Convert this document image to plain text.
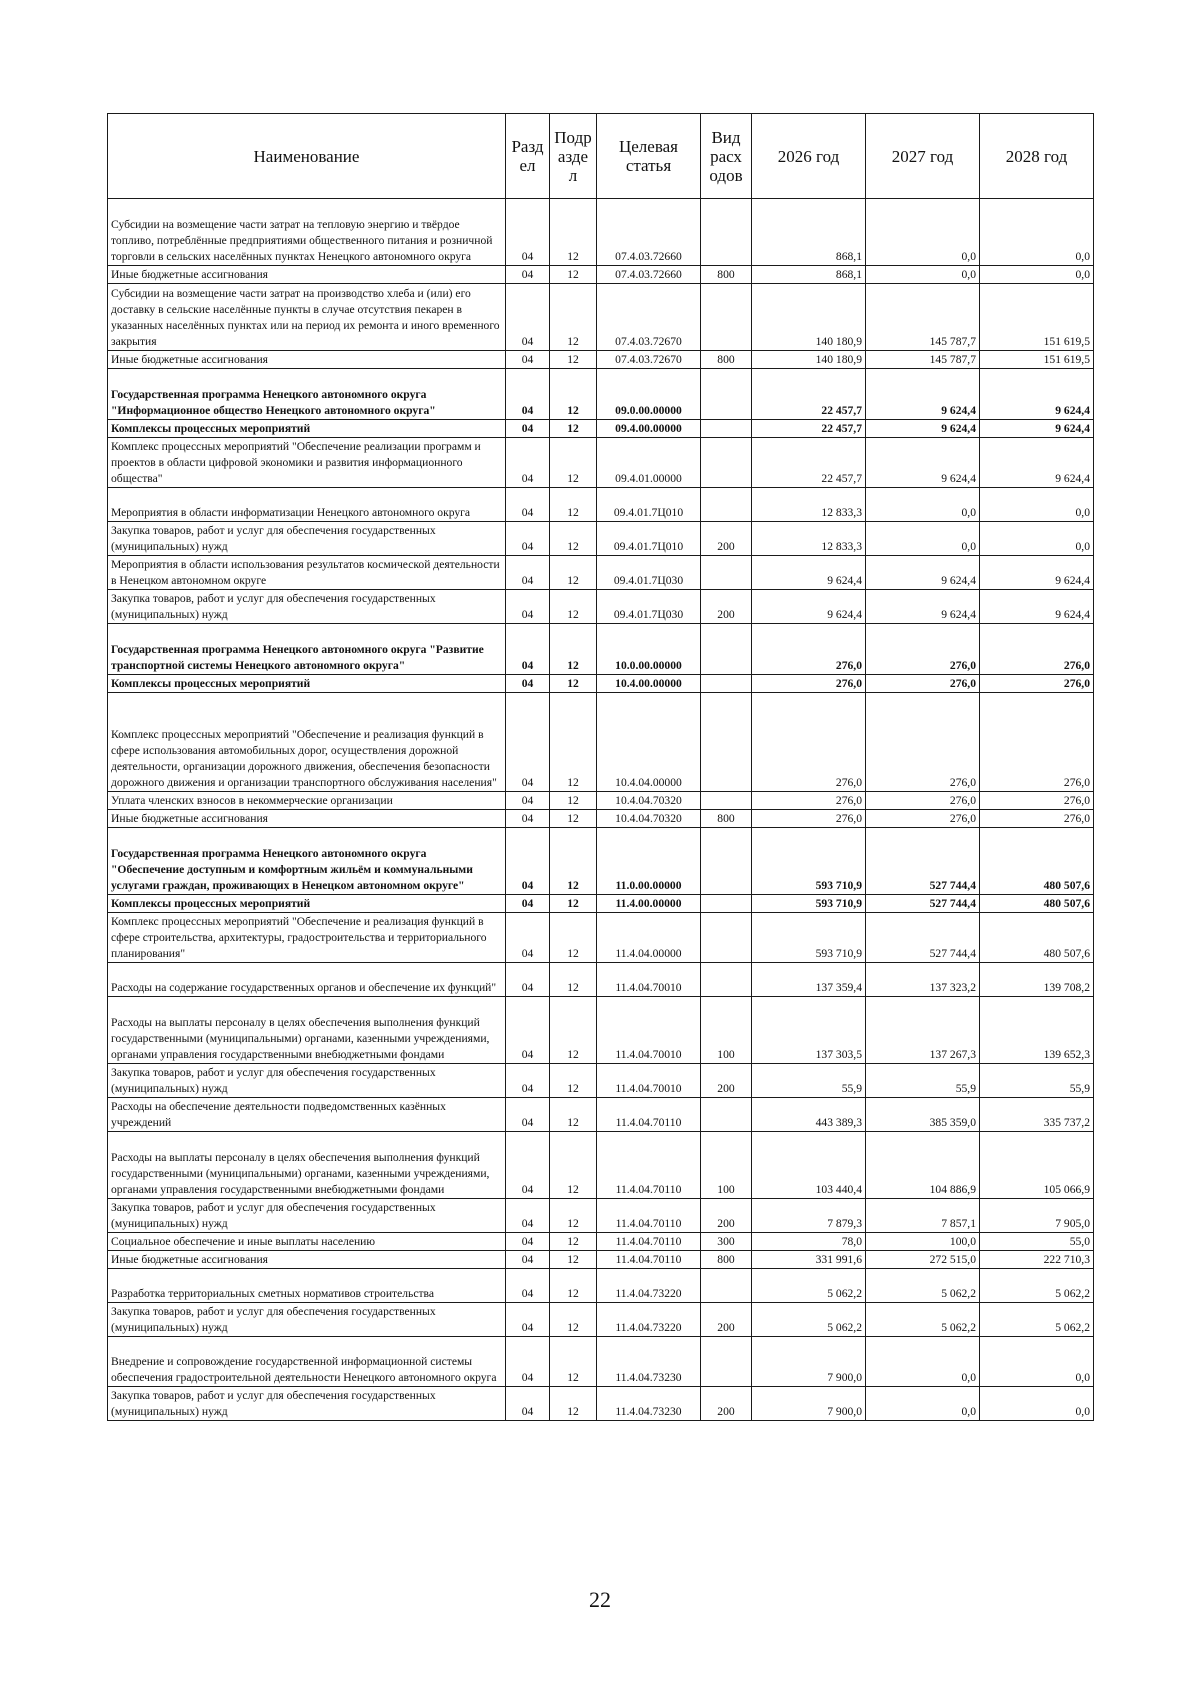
Наименование	Разд ел	Подр азде л	Целевая статья	Вид расх одов	2026 год	2027 год	2028 год
Субсидии на возмещение части затрат на тепловую энергию и твёрдое топливо, потреблённые предприятиями общественного питания и розничной торговли в сельских населённых пунктах Ненецкого автономного округа	04	12	07.4.03.72660		868,1	0,0	0,0
Иные бюджетные ассигнования	04	12	07.4.03.72660	800	868,1	0,0	0,0
Субсидии на возмещение части затрат на производство хлеба и (или) его доставку в сельские населённые пункты в случае отсутствия пекарен в указанных населённых пунктах или на период их ремонта и иного временного закрытия	04	12	07.4.03.72670		140 180,9	145 787,7	151 619,5
Иные бюджетные ассигнования	04	12	07.4.03.72670	800	140 180,9	145 787,7	151 619,5
Государственная программа Ненецкого автономного округа "Информационное общество Ненецкого автономного округа"	04	12	09.0.00.00000		22 457,7	9 624,4	9 624,4
Комплексы процессных мероприятий	04	12	09.4.00.00000		22 457,7	9 624,4	9 624,4
Комплекс процессных мероприятий "Обеспечение реализации программ и проектов в области цифровой экономики и развития информационного общества"	04	12	09.4.01.00000		22 457,7	9 624,4	9 624,4
Мероприятия в области информатизации Ненецкого автономного округа	04	12	09.4.01.7Ц010		12 833,3	0,0	0,0
Закупка товаров, работ и услуг для обеспечения государственных (муниципальных) нужд	04	12	09.4.01.7Ц010	200	12 833,3	0,0	0,0
Мероприятия в области использования результатов космической деятельности в Ненецком автономном округе	04	12	09.4.01.7Ц030		9 624,4	9 624,4	9 624,4
Закупка товаров, работ и услуг для обеспечения государственных (муниципальных) нужд	04	12	09.4.01.7Ц030	200	9 624,4	9 624,4	9 624,4
Государственная программа Ненецкого автономного округа "Развитие транспортной системы Ненецкого автономного округа"	04	12	10.0.00.00000		276,0	276,0	276,0
Комплексы процессных мероприятий	04	12	10.4.00.00000		276,0	276,0	276,0
Комплекс процессных мероприятий "Обеспечение и реализация функций в сфере использования автомобильных дорог, осуществления дорожной деятельности, организации дорожного движения, обеспечения безопасности дорожного движения и организации транспортного обслуживания населения"	04	12	10.4.04.00000		276,0	276,0	276,0
Уплата членских взносов в некоммерческие организации	04	12	10.4.04.70320		276,0	276,0	276,0
Иные бюджетные ассигнования	04	12	10.4.04.70320	800	276,0	276,0	276,0
Государственная программа Ненецкого автономного округа "Обеспечение доступным и комфортным жильём и коммунальными услугами граждан, проживающих в Ненецком автономном округе"	04	12	11.0.00.00000		593 710,9	527 744,4	480 507,6
Комплексы процессных мероприятий	04	12	11.4.00.00000		593 710,9	527 744,4	480 507,6
Комплекс процессных мероприятий "Обеспечение и реализация функций в сфере строительства, архитектуры, градостроительства и территориального планирования"	04	12	11.4.04.00000		593 710,9	527 744,4	480 507,6
Расходы на содержание государственных органов и обеспечение их функций"	04	12	11.4.04.70010		137 359,4	137 323,2	139 708,2
Расходы на выплаты персоналу в целях обеспечения выполнения функций государственными (муниципальными) органами, казенными учреждениями, органами управления государственными внебюджетными фондами	04	12	11.4.04.70010	100	137 303,5	137 267,3	139 652,3
Закупка товаров, работ и услуг для обеспечения государственных (муниципальных) нужд	04	12	11.4.04.70010	200	55,9	55,9	55,9
Расходы на обеспечение деятельности подведомственных казённых учреждений	04	12	11.4.04.70110		443 389,3	385 359,0	335 737,2
Расходы на выплаты персоналу в целях обеспечения выполнения функций государственными (муниципальными) органами, казенными учреждениями, органами управления государственными внебюджетными фондами	04	12	11.4.04.70110	100	103 440,4	104 886,9	105 066,9
Закупка товаров, работ и услуг для обеспечения государственных (муниципальных) нужд	04	12	11.4.04.70110	200	7 879,3	7 857,1	7 905,0
Социальное обеспечение и иные выплаты населению	04	12	11.4.04.70110	300	78,0	100,0	55,0
Иные бюджетные ассигнования	04	12	11.4.04.70110	800	331 991,6	272 515,0	222 710,3
Разработка территориальных сметных нормативов строительства	04	12	11.4.04.73220		5 062,2	5 062,2	5 062,2
Закупка товаров, работ и услуг для обеспечения государственных (муниципальных) нужд	04	12	11.4.04.73220	200	5 062,2	5 062,2	5 062,2
Внедрение и сопровождение государственной информационной системы обеспечения градостроительной деятельности Ненецкого автономного округа	04	12	11.4.04.73230		7 900,0	0,0	0,0
Закупка товаров, работ и услуг для обеспечения государственных (муниципальных) нужд	04	12	11.4.04.73230	200	7 900,0	0,0	0,0
22
